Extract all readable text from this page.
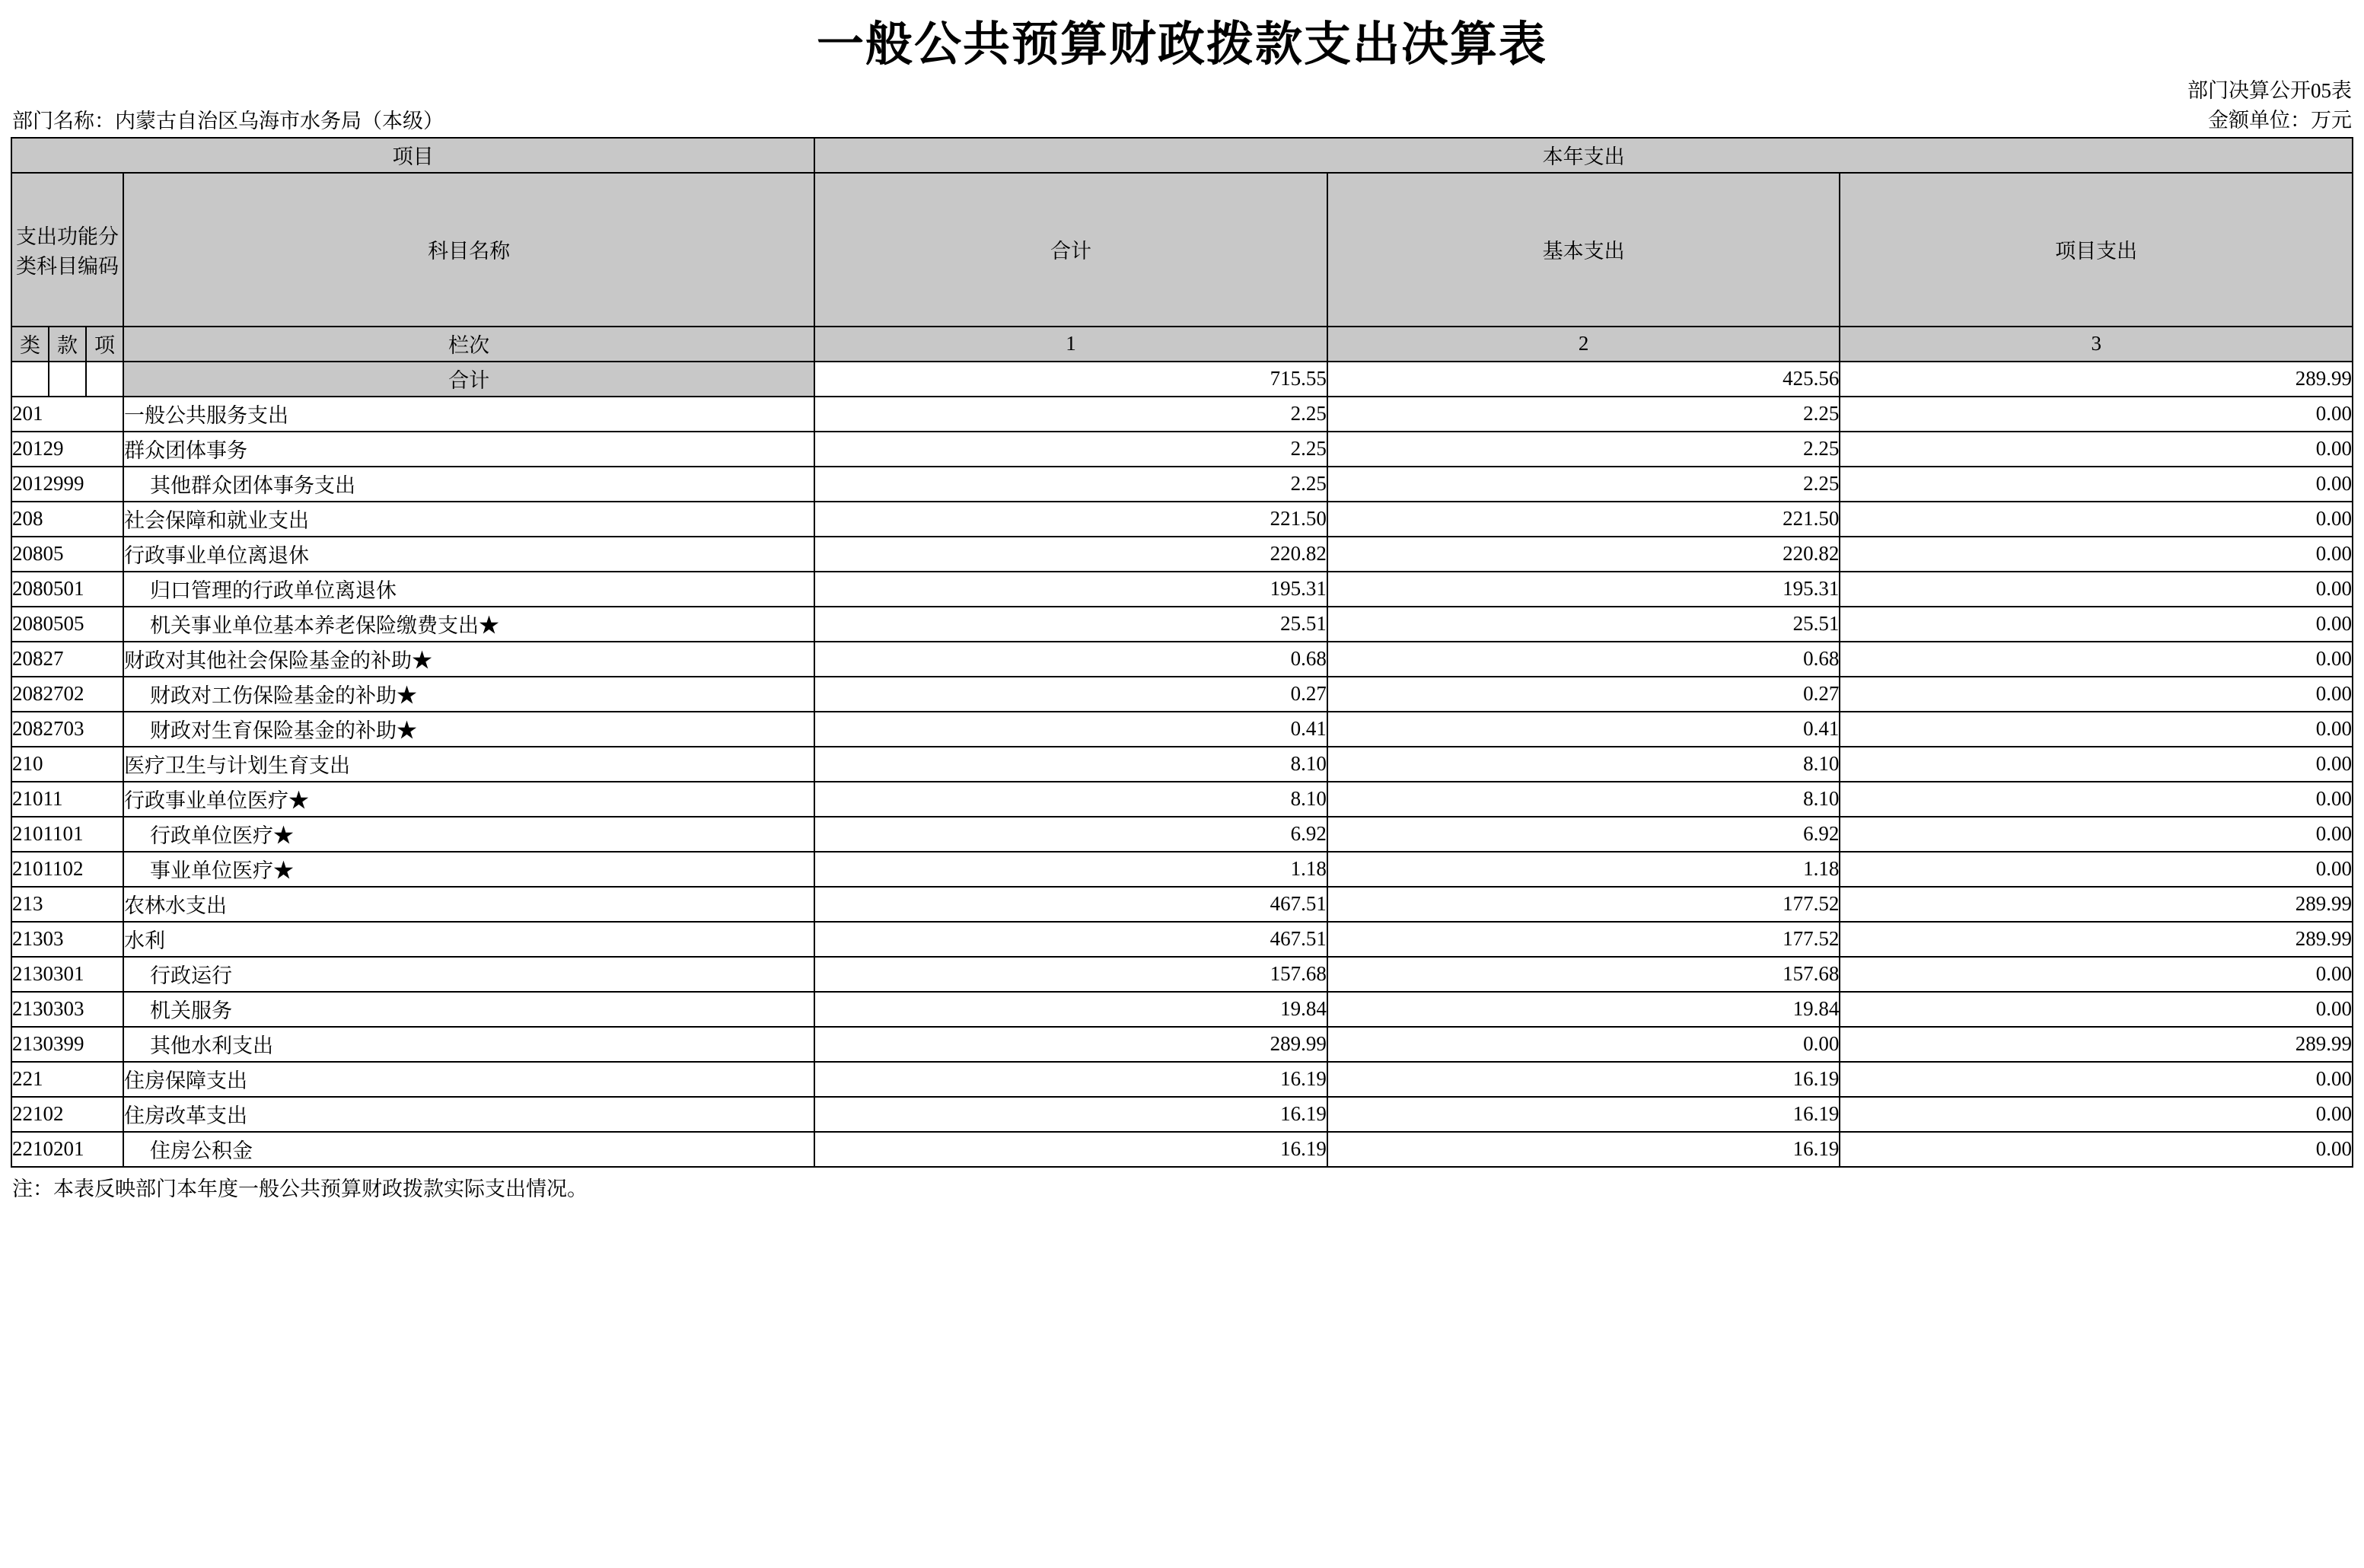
一般公共预算财政拨款支出决算表
部门决算公开05表
部门名称：内蒙古自治区乌海市水务局（本级）	金额单位：万元
项目				本年支出		
支出功能分类科目编码			科目名称	合计	基本支出	项目支出

类	款	项	栏次	1	2	3
			合计	715.55	425.56	289.99
201			一般公共服务支出	2.25	2.25	0.00
20129			群众团体事务	2.25	2.25	0.00
2012999			其他群众团体事务支出	2.25	2.25	0.00
208			社会保障和就业支出	221.50	221.50	0.00
20805			行政事业单位离退休	220.82	220.82	0.00
2080501			归口管理的行政单位离退休	195.31	195.31	0.00
2080505			机关事业单位基本养老保险缴费支出★	25.51	25.51	0.00
20827			财政对其他社会保险基金的补助★	0.68	0.68	0.00
2082702			财政对工伤保险基金的补助★	0.27	0.27	0.00
2082703			财政对生育保险基金的补助★	0.41	0.41	0.00
210			医疗卫生与计划生育支出	8.10	8.10	0.00
21011			行政事业单位医疗★	8.10	8.10	0.00
2101101			行政单位医疗★	6.92	6.92	0.00
2101102			事业单位医疗★	1.18	1.18	0.00
213			农林水支出	467.51	177.52	289.99
21303			水利	467.51	177.52	289.99
2130301			行政运行	157.68	157.68	0.00
2130303			机关服务	19.84	19.84	0.00
2130399			其他水利支出	289.99	0.00	289.99
221			住房保障支出	16.19	16.19	0.00
22102			住房改革支出	16.19	16.19	0.00
2210201			住房公积金	16.19	16.19	0.00
注：本表反映部门本年度一般公共预算财政拨款实际支出情况。
